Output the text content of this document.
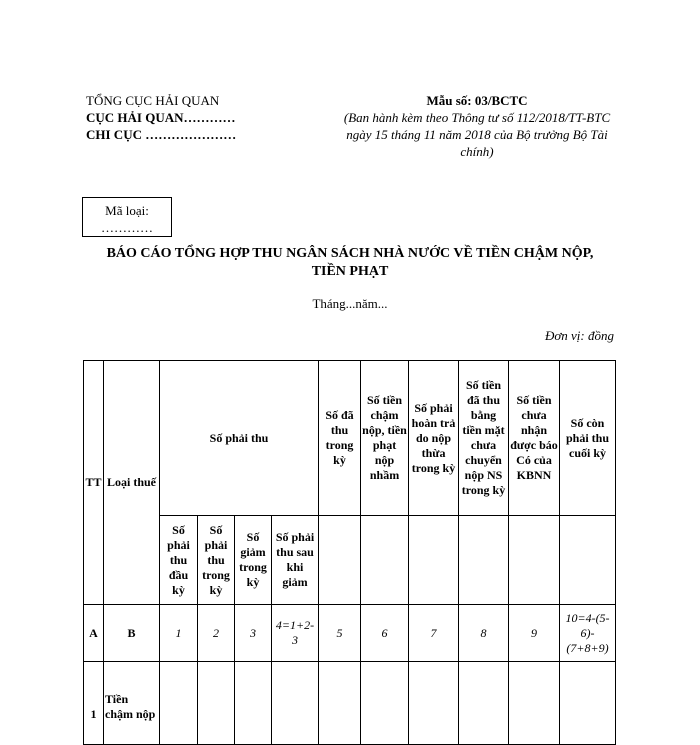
TỔNG CỤC HẢI QUAN
CỤC HẢI QUAN…………
CHI CỤC …………………
Mẫu số: 03/BCTC
(Ban hành kèm theo Thông tư số 112/2018/TT-BTC
ngày 15 tháng 11 năm 2018 của Bộ trưởng Bộ Tài
chính)
Mã loại:
…………
BÁO CÁO TỔNG HỢP THU NGÂN SÁCH NHÀ NƯỚC VỀ TIỀN CHẬM NỘP,
TIỀN PHẠT
Tháng...năm...
Đơn vị: đồng
TT	Loại thuế	Số phải thu				Số đã thu trong kỳ	Số tiền chậm nộp, tiền phạt nộp nhầm	Số phải hoàn trả do nộp thừa trong kỳ	Số tiền đã thu bằng tiền mặt chưa chuyển nộp NS trong kỳ	Số tiền chưa nhận được báo Có của KBNN	Số còn phải thu cuối kỳ
		Số phải thu đầu kỳ	Số phải thu trong kỳ	Số giảm trong kỳ	Số phải thu sau khi giảm						
A	B	1	2	3	4=1+2-3	5	6	7	8	9	10=4-(5-6)-(7+8+9)
1	Tiền chậm nộp										
